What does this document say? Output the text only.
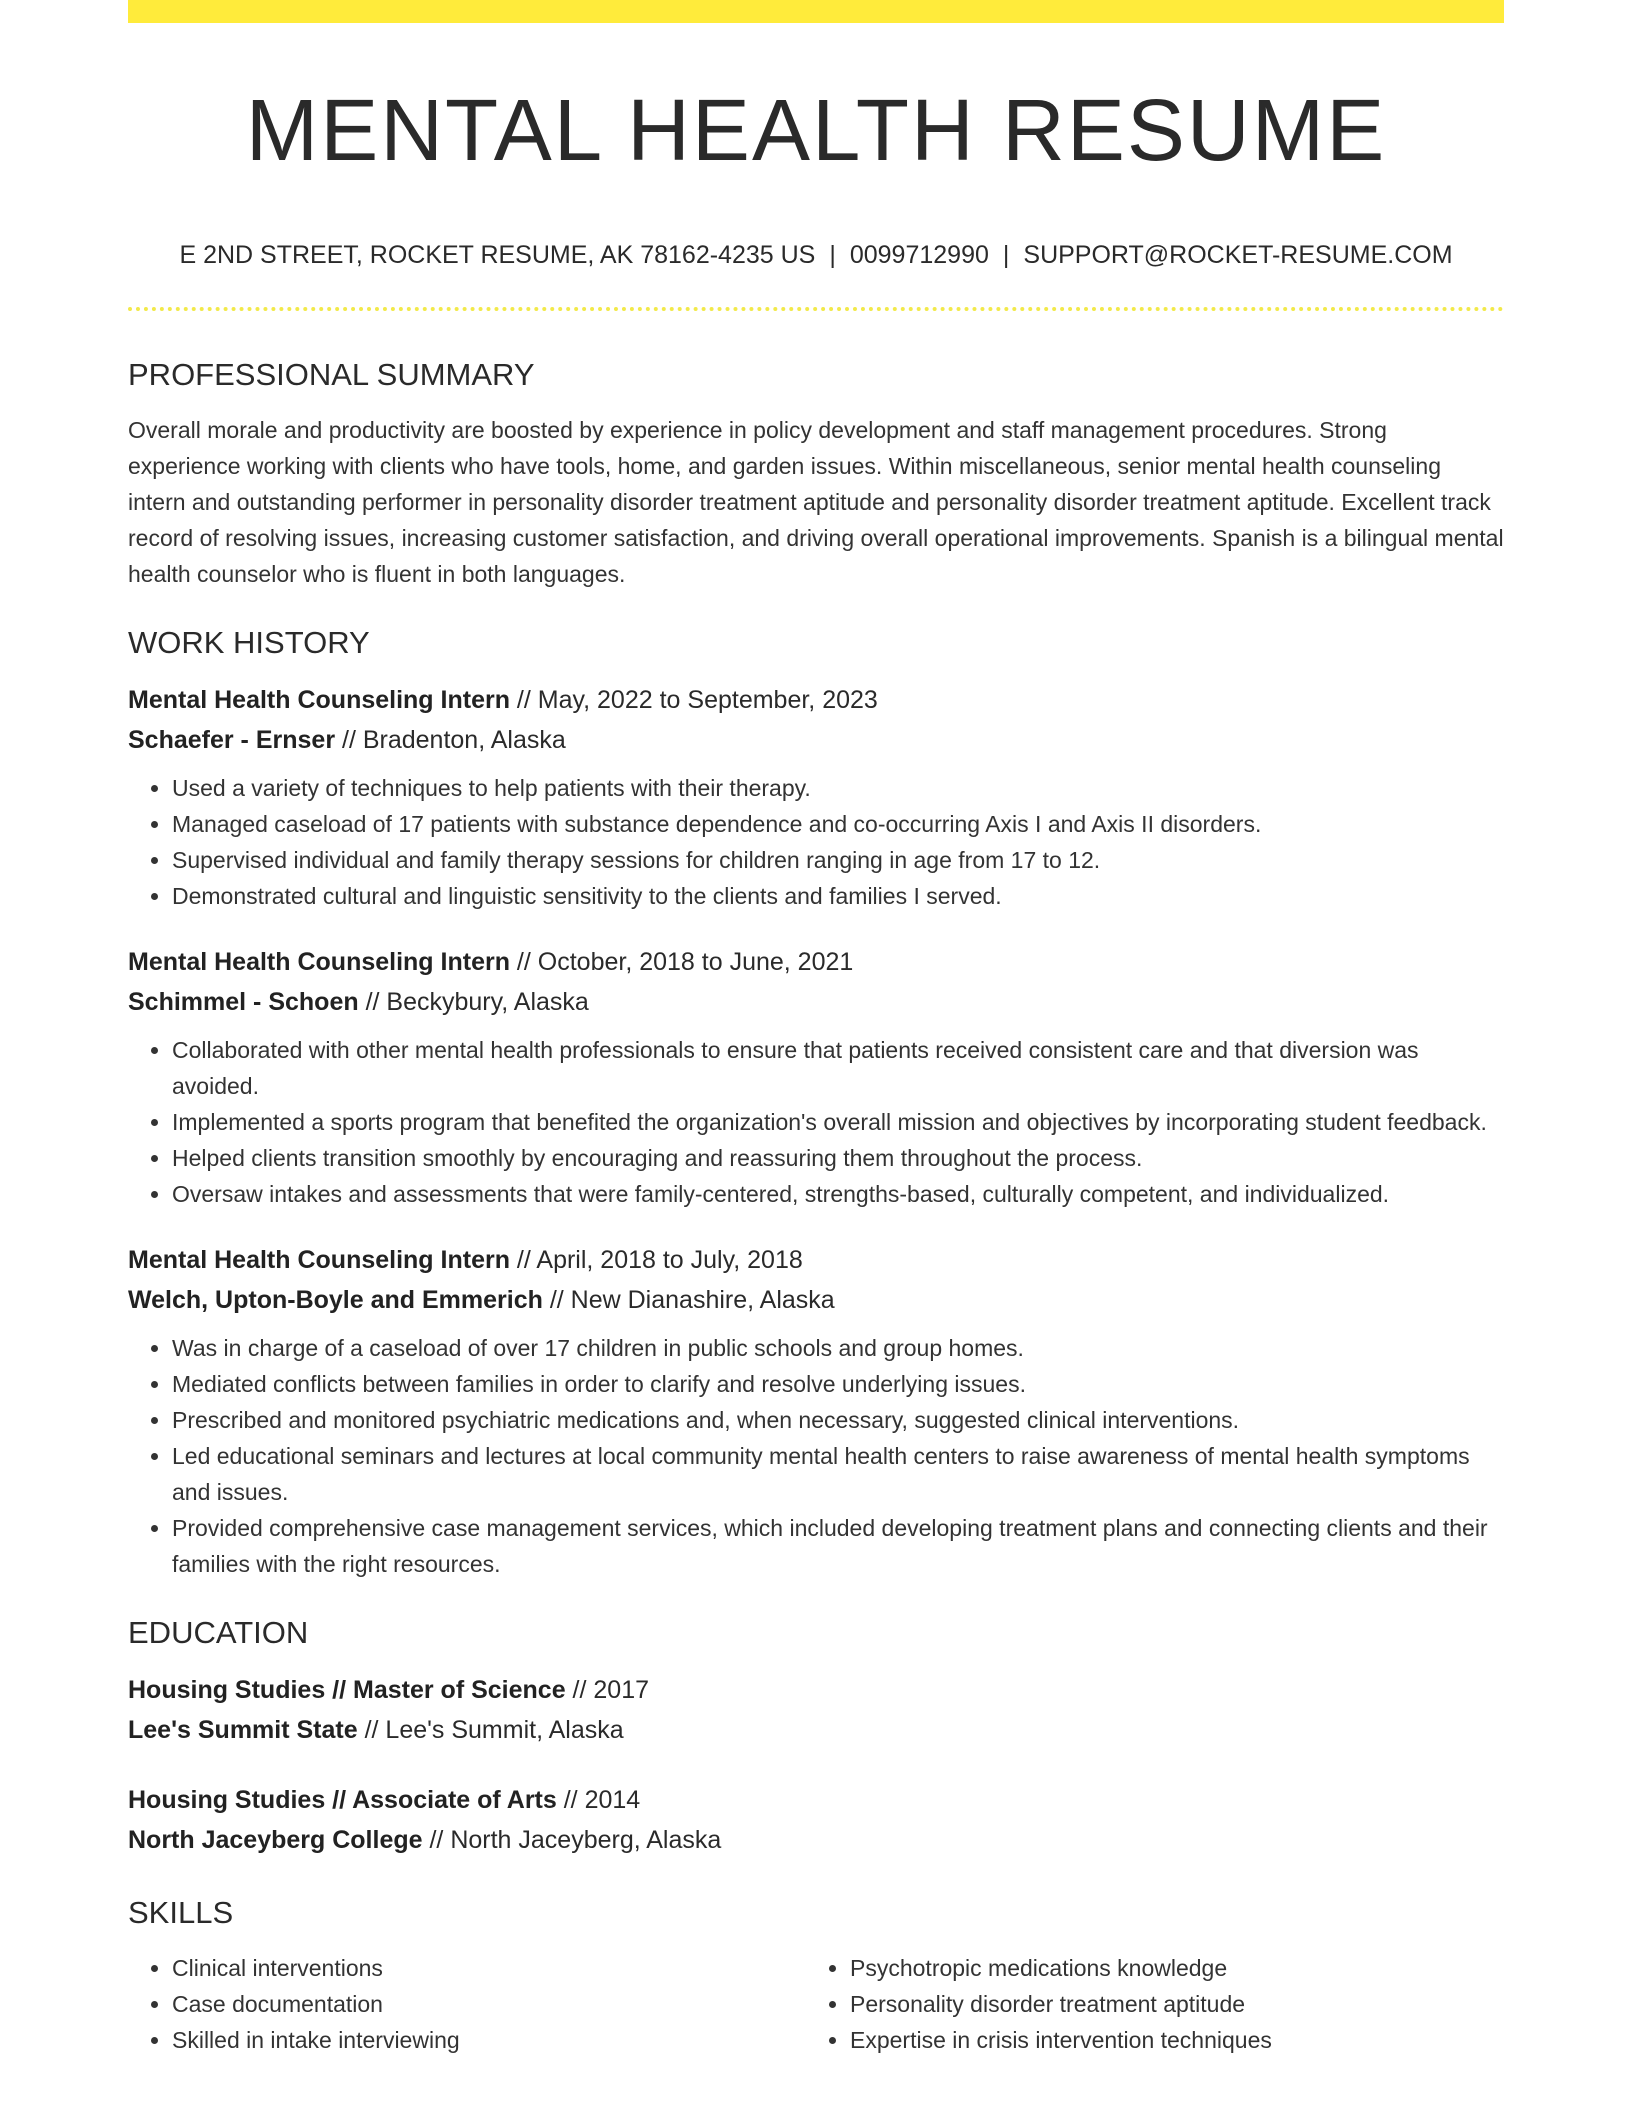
MENTAL HEALTH RESUME
E 2ND STREET, ROCKET RESUME, AK 78162-4235 US | 0099712990 | SUPPORT@ROCKET-RESUME.COM
PROFESSIONAL SUMMARY
Overall morale and productivity are boosted by experience in policy development and staff management procedures. Strong experience working with clients who have tools, home, and garden issues. Within miscellaneous, senior mental health counseling intern and outstanding performer in personality disorder treatment aptitude and personality disorder treatment aptitude. Excellent track record of resolving issues, increasing customer satisfaction, and driving overall operational improvements. Spanish is a bilingual mental health counselor who is fluent in both languages.
WORK HISTORY
Mental Health Counseling Intern // May, 2022 to September, 2023
Schaefer - Ernser // Bradenton, Alaska
• Used a variety of techniques to help patients with their therapy.
• Managed caseload of 17 patients with substance dependence and co-occurring Axis I and Axis II disorders.
• Supervised individual and family therapy sessions for children ranging in age from 17 to 12.
• Demonstrated cultural and linguistic sensitivity to the clients and families I served.
Mental Health Counseling Intern // October, 2018 to June, 2021
Schimmel - Schoen // Beckybury, Alaska
• Collaborated with other mental health professionals to ensure that patients received consistent care and that diversion was avoided.
• Implemented a sports program that benefited the organization's overall mission and objectives by incorporating student feedback.
• Helped clients transition smoothly by encouraging and reassuring them throughout the process.
• Oversaw intakes and assessments that were family-centered, strengths-based, culturally competent, and individualized.
Mental Health Counseling Intern // April, 2018 to July, 2018
Welch, Upton-Boyle and Emmerich // New Dianashire, Alaska
• Was in charge of a caseload of over 17 children in public schools and group homes.
• Mediated conflicts between families in order to clarify and resolve underlying issues.
• Prescribed and monitored psychiatric medications and, when necessary, suggested clinical interventions.
• Led educational seminars and lectures at local community mental health centers to raise awareness of mental health symptoms and issues.
• Provided comprehensive case management services, which included developing treatment plans and connecting clients and their families with the right resources.
EDUCATION
Housing Studies // Master of Science // 2017
Lee's Summit State // Lee's Summit, Alaska
Housing Studies // Associate of Arts // 2014
North Jaceyberg College // North Jaceyberg, Alaska
SKILLS
• Clinical interventions
• Case documentation
• Skilled in intake interviewing
• Psychotropic medications knowledge
• Personality disorder treatment aptitude
• Expertise in crisis intervention techniques
